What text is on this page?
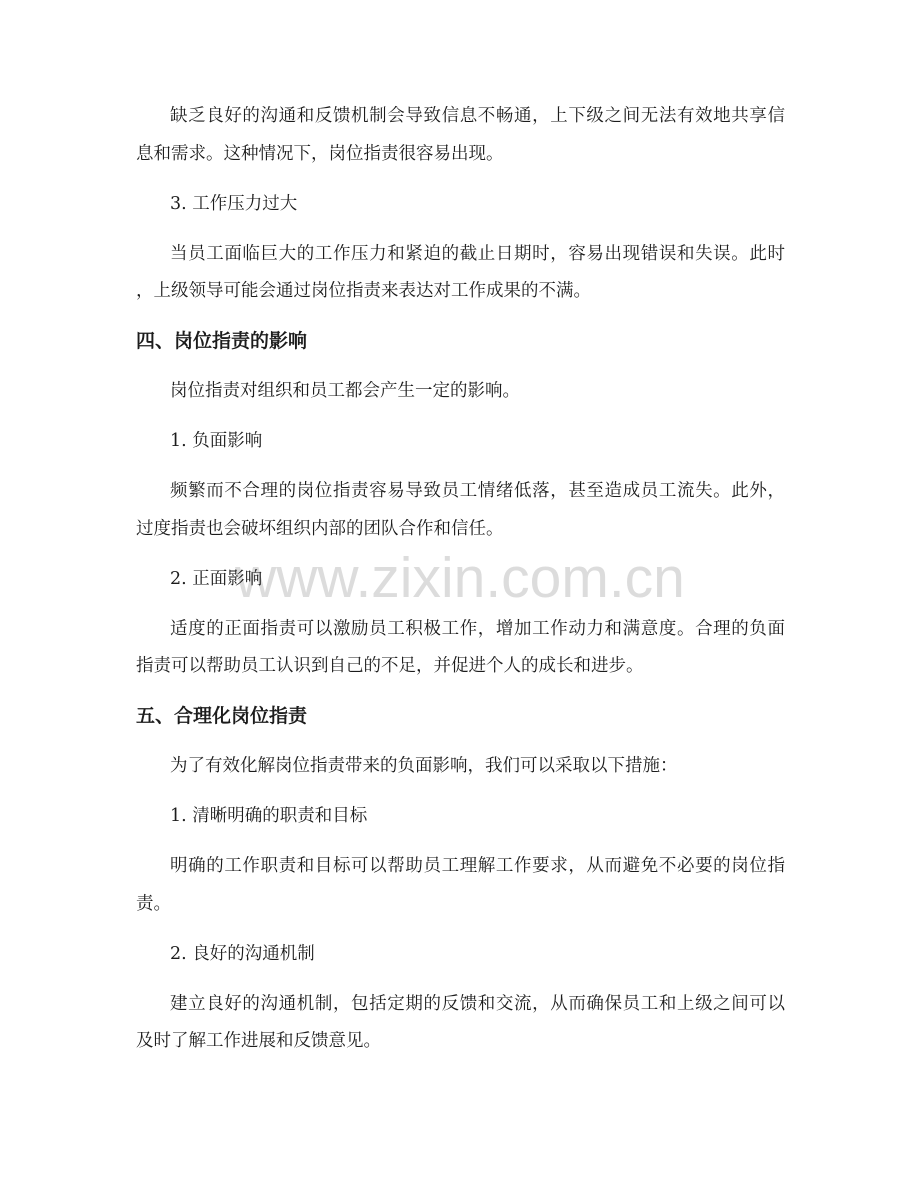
www.zixin.com.cn
缺乏良好的沟通和反馈机制会导致信息不畅通，上下级之间无法有效地共享信
息和需求。这种情况下，岗位指责很容易出现。
3. 工作压力过大
当员工面临巨大的工作压力和紧迫的截止日期时，容易出现错误和失误。此时
，上级领导可能会通过岗位指责来表达对工作成果的不满。
四、岗位指责的影响
岗位指责对组织和员工都会产生一定的影响。
1. 负面影响
频繁而不合理的岗位指责容易导致员工情绪低落，甚至造成员工流失。此外，
过度指责也会破坏组织内部的团队合作和信任。
2. 正面影响
适度的正面指责可以激励员工积极工作，增加工作动力和满意度。合理的负面
指责可以帮助员工认识到自己的不足，并促进个人的成长和进步。
五、合理化岗位指责
为了有效化解岗位指责带来的负面影响，我们可以采取以下措施：
1. 清晰明确的职责和目标
明确的工作职责和目标可以帮助员工理解工作要求，从而避免不必要的岗位指
责。
2. 良好的沟通机制
建立良好的沟通机制，包括定期的反馈和交流，从而确保员工和上级之间可以
及时了解工作进展和反馈意见。
